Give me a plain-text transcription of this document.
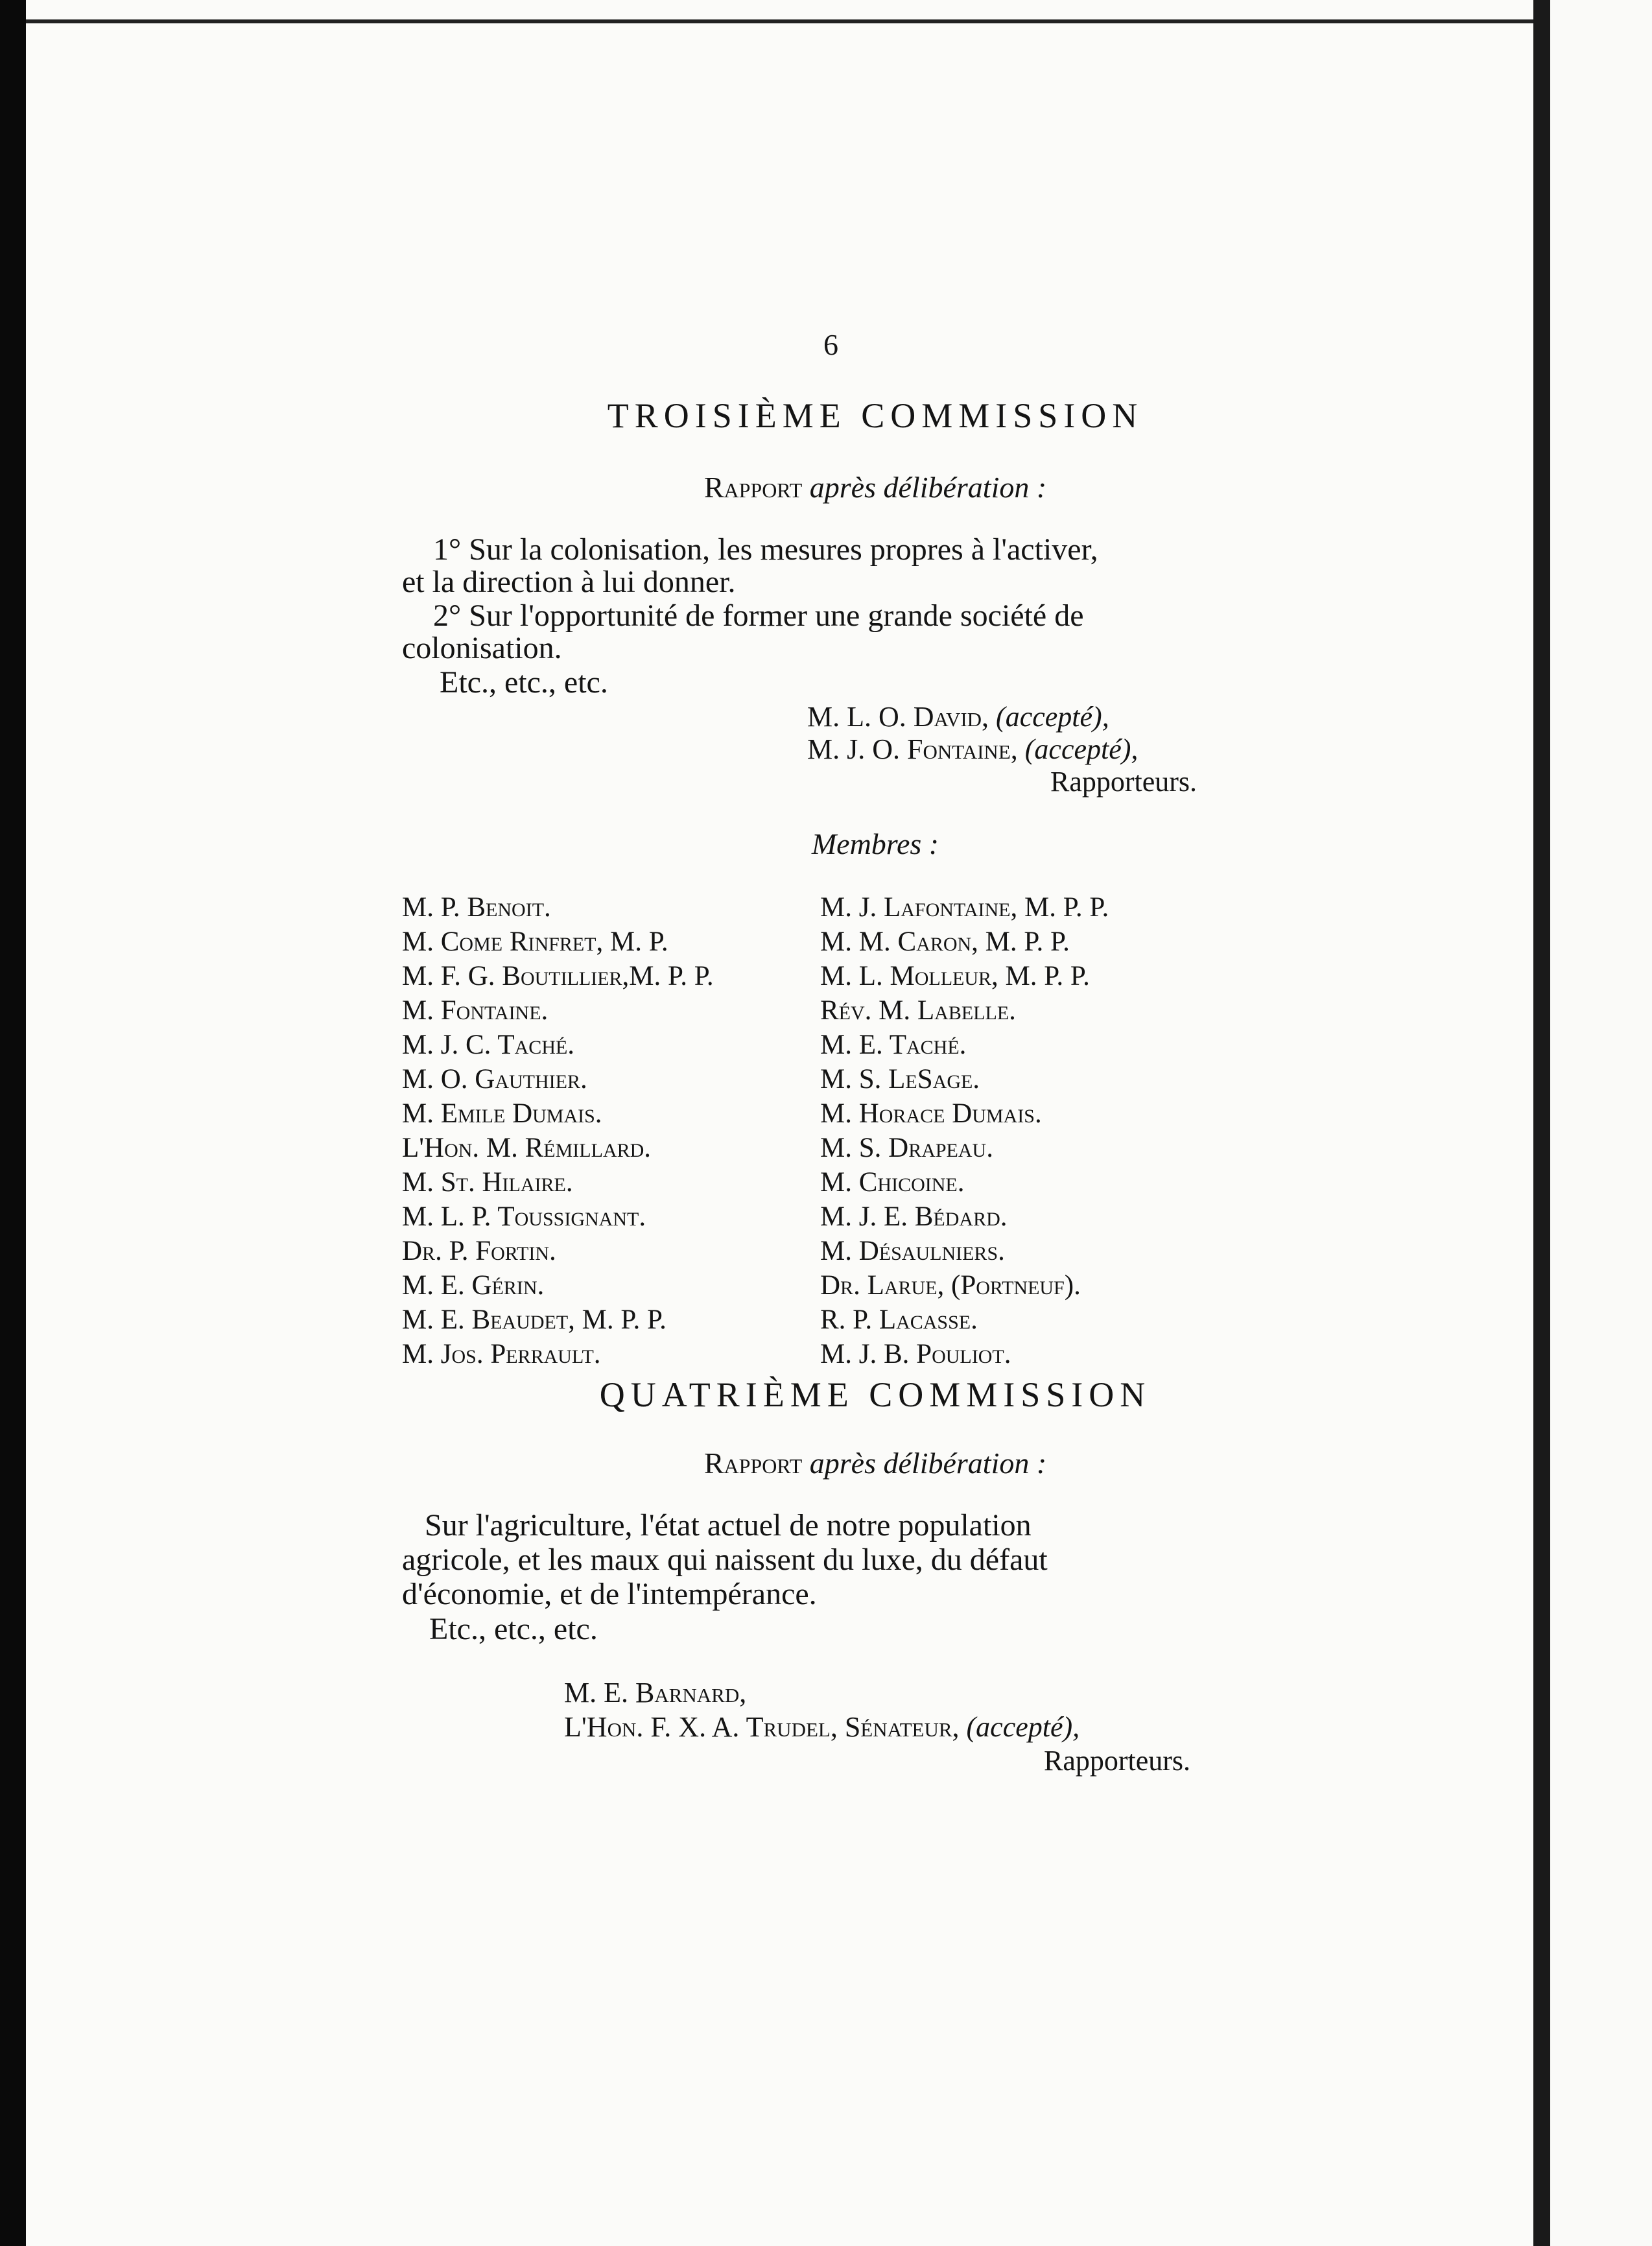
6
TROISIÈME COMMISSION
Rapport après délibération :
1° Sur la colonisation, les mesures propres à l'activer,
et la direction à lui donner.
2° Sur l'opportunité de former une grande société de
colonisation.
Etc., etc., etc.
M. L. O. David, (accepté),
M. J. O. Fontaine, (accepté),
Rapporteurs.
Membres :
M. P. Benoit.
M. Come Rinfret, M. P.
M. F. G. Boutillier,M. P. P.
M. Fontaine.
M. J. C. Taché.
M. O. Gauthier.
M. Emile Dumais.
L'Hon. M. Rémillard.
M. St. Hilaire.
M. L. P. Toussignant.
Dr. P. Fortin.
M. E. Gérin.
M. E. Beaudet, M. P. P.
M. Jos. Perrault.
M. J. Lafontaine, M. P. P.
M. M. Caron, M. P. P.
M. L. Molleur, M. P. P.
Rév. M. Labelle.
M. E. Taché.
M. S. LeSage.
M. Horace Dumais.
M. S. Drapeau.
M. Chicoine.
M. J. E. Bédard.
M. Désaulniers.
Dr. Larue, (Portneuf).
R. P. Lacasse.
M. J. B. Pouliot.
QUATRIÈME COMMISSION
Rapport après délibération :
Sur l'agriculture, l'état actuel de notre population
agricole, et les maux qui naissent du luxe, du défaut
d'économie, et de l'intempérance.
Etc., etc., etc.
M. E. Barnard,
L'Hon. F. X. A. Trudel, Sénateur, (accepté),
Rapporteurs.
